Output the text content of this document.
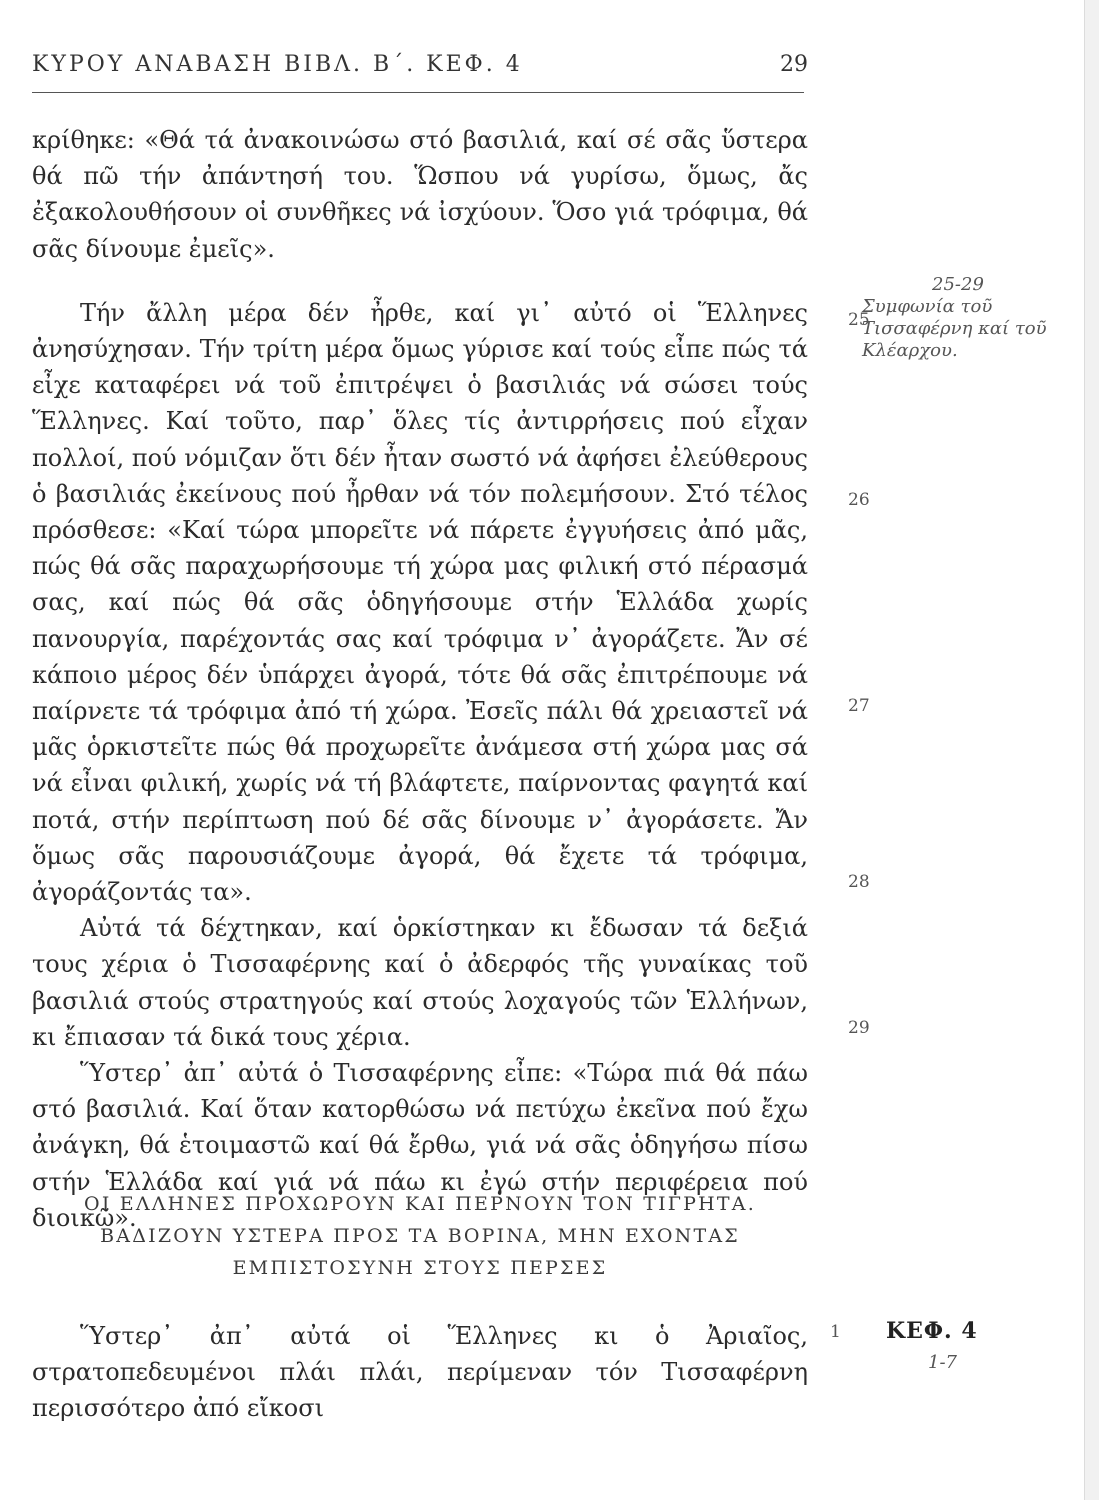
ΚΥΡΟΥ ΑΝΑΒΑΣΗ ΒΙΒΛ. Β΄. ΚΕΦ. 4	29

κρίθηκε: «Θά τά ἀνακοινώσω στό βασιλιά, καί σέ σᾶς ὕστερα θά πῶ τήν ἀπάντησή του. Ὥσπου νά γυρίσω, ὅμως, ἄς ἐξακολουθήσουν οἱ συνθῆκες νά ἰσχύουν. Ὅσο γιά τρόφιμα, θά σᾶς δίνουμε ἐμεῖς».

Τήν ἄλλη μέρα δέν ἦρθε, καί γι᾿ αὐτό οἱ Ἕλληνες ἀνησύχησαν. Τήν τρίτη μέρα ὅμως γύρισε καί τούς εἶπε πώς τά εἶχε καταφέρει νά τοῦ ἐπιτρέψει ὁ βασιλιάς νά σώσει τούς Ἕλληνες. Καί τοῦτο, παρ᾿ ὅλες τίς ἀντιρρήσεις πού εἶχαν πολλοί, πού νόμιζαν ὅτι δέν ἦταν σωστό νά ἀφήσει ἐλεύθερους ὁ βασιλιάς ἐκείνους πού ἦρθαν νά τόν πολεμήσουν. Στό τέλος πρόσθεσε: «Καί τώρα μπορεῖτε νά πάρετε ἐγγυήσεις ἀπό μᾶς, πώς θά σᾶς παραχωρήσουμε τή χώρα μας φιλική στό πέρασμά σας, καί πώς θά σᾶς ὁδηγήσουμε στήν Ἑλλάδα χωρίς πανουργία, παρέχοντάς σας καί τρόφιμα ν᾿ ἀγοράζετε. Ἄν σέ κάποιο μέρος δέν ὑπάρχει ἀγορά, τότε θά σᾶς ἐπιτρέπουμε νά παίρνετε τά τρόφιμα ἀπό τή χώρα. Ἐσεῖς πάλι θά χρειαστεῖ νά μᾶς ὁρκιστεῖτε πώς θά προχωρεῖτε ἀνάμεσα στή χώρα μας σά νά εἶναι φιλική, χωρίς νά τή βλάφτετε, παίρνοντας φαγητά καί ποτά, στήν περίπτωση πού δέ σᾶς δίνουμε ν᾿ ἀγοράσετε. Ἄν ὅμως σᾶς παρουσιάζουμε ἀγορά, θά ἔχετε τά τρόφιμα, ἀγοράζοντάς τα».

Αὐτά τά δέχτηκαν, καί ὁρκίστηκαν κι ἔδωσαν τά δεξιά τους χέρια ὁ Τισσαφέρνης καί ὁ ἀδερφός τῆς γυναίκας τοῦ βασιλιά στούς στρατηγούς καί στούς λοχαγούς τῶν Ἑλλήνων, κι ἔπιασαν τά δικά τους χέρια.

Ὕστερ᾿ ἀπ᾿ αὐτά ὁ Τισσαφέρνης εἶπε: «Τώρα πιά θά πάω στό βασιλιά. Καί ὅταν κατορθώσω νά πετύχω ἐκεῖνα πού ἔχω ἀνάγκη, θά ἑτοιμαστῶ καί θά ἔρθω, γιά νά σᾶς ὁδηγήσω πίσω στήν Ἑλλάδα καί γιά νά πάω κι ἐγώ στήν περιφέρεια πού διοικῶ».

25
26
27
28
29
25-29
Συμφωνία τοῦ Τισσαφέρνη καί τοῦ Κλέαρχου.
ΟΙ ΕΛΛΗΝΕΣ ΠΡΟΧΩΡΟΥΝ ΚΑΙ ΠΕΡΝΟΥΝ ΤΟΝ ΤΙΓΡΗΤΑ. ΒΑΔΙΖΟΥΝ ΥΣΤΕΡΑ ΠΡΟΣ ΤΑ ΒΟΡΙΝΑ, ΜΗΝ ΕΧΟΝΤΑΣ ΕΜΠΙΣΤΟΣΥΝΗ ΣΤΟΥΣ ΠΕΡΣΕΣ

Ὕστερ᾿ ἀπ᾿ αὐτά οἱ Ἕλληνες κι ὁ Ἀριαῖος, στρατοπεδευμένοι πλάι πλάι, περίμεναν τόν Τισσαφέρνη περισσότερο ἀπό εἴκοσι

1 ΚΕΦ. 4
1-7
